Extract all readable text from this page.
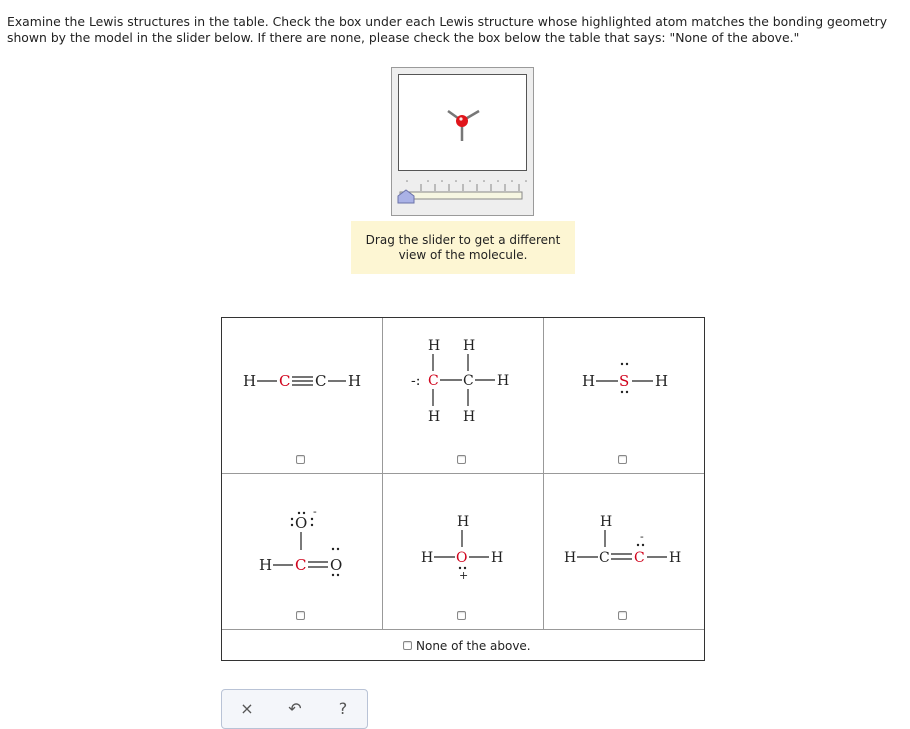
Examine the Lewis structures in the table. Check the box under each Lewis structure whose highlighted atom matches the bonding geometry shown by the model in the slider below. If there are none, please check the box below the table that says: "None of the above."
Drag the slider to get a different
view of the molecule.
H C C H
H H
-: C C H
H H
H S H
O
-
H C O
H
H O H
+
H
H C
-
C H
None of the above.
×	↶	?
